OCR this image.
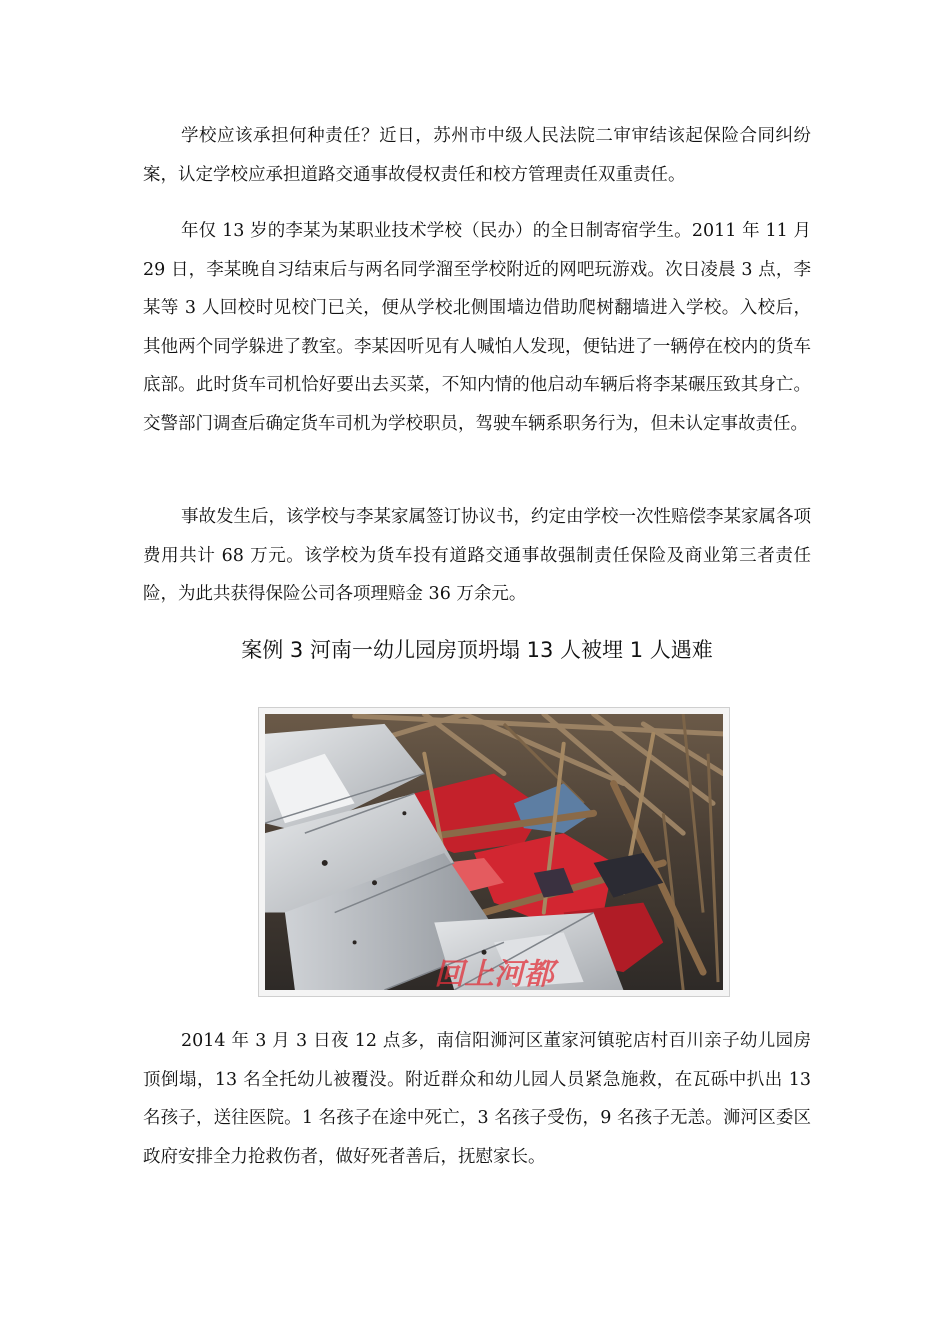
学校应该承担何种责任？近日，苏州市中级人民法院二审审结该起保险合同纠纷案，认定学校应承担道路交通事故侵权责任和校方管理责任双重责任。

年仅 13 岁的李某为某职业技术学校（民办）的全日制寄宿学生。2011 年 11 月 29 日，李某晚自习结束后与两名同学溜至学校附近的网吧玩游戏。次日凌晨 3 点，李某等 3 人回校时见校门已关，便从学校北侧围墙边借助爬树翻墙进入学校。入校后，其他两个同学躲进了教室。李某因听见有人喊怕人发现，便钻进了一辆停在校内的货车底部。此时货车司机恰好要出去买菜，不知内情的他启动车辆后将李某碾压致其身亡。交警部门调查后确定货车司机为学校职员，驾驶车辆系职务行为，但未认定事故责任。

事故发生后，该学校与李某家属签订协议书，约定由学校一次性赔偿李某家属各项费用共计 68 万元。该学校为货车投有道路交通事故强制责任保险及商业第三者责任险，为此共获得保险公司各项理赔金 36 万余元。

案例 3 河南一幼儿园房顶坍塌 13 人被埋 1 人遇难
回上河都

2014 年 3 月 3 日夜 12 点多，南信阳浉河区董家河镇驼店村百川亲子幼儿园房顶倒塌，13 名全托幼儿被覆没。附近群众和幼儿园人员紧急施救，在瓦砾中扒出 13 名孩子，送往医院。1 名孩子在途中死亡，3 名孩子受伤，9 名孩子无恙。浉河区委区政府安排全力抢救伤者，做好死者善后，抚慰家长。
